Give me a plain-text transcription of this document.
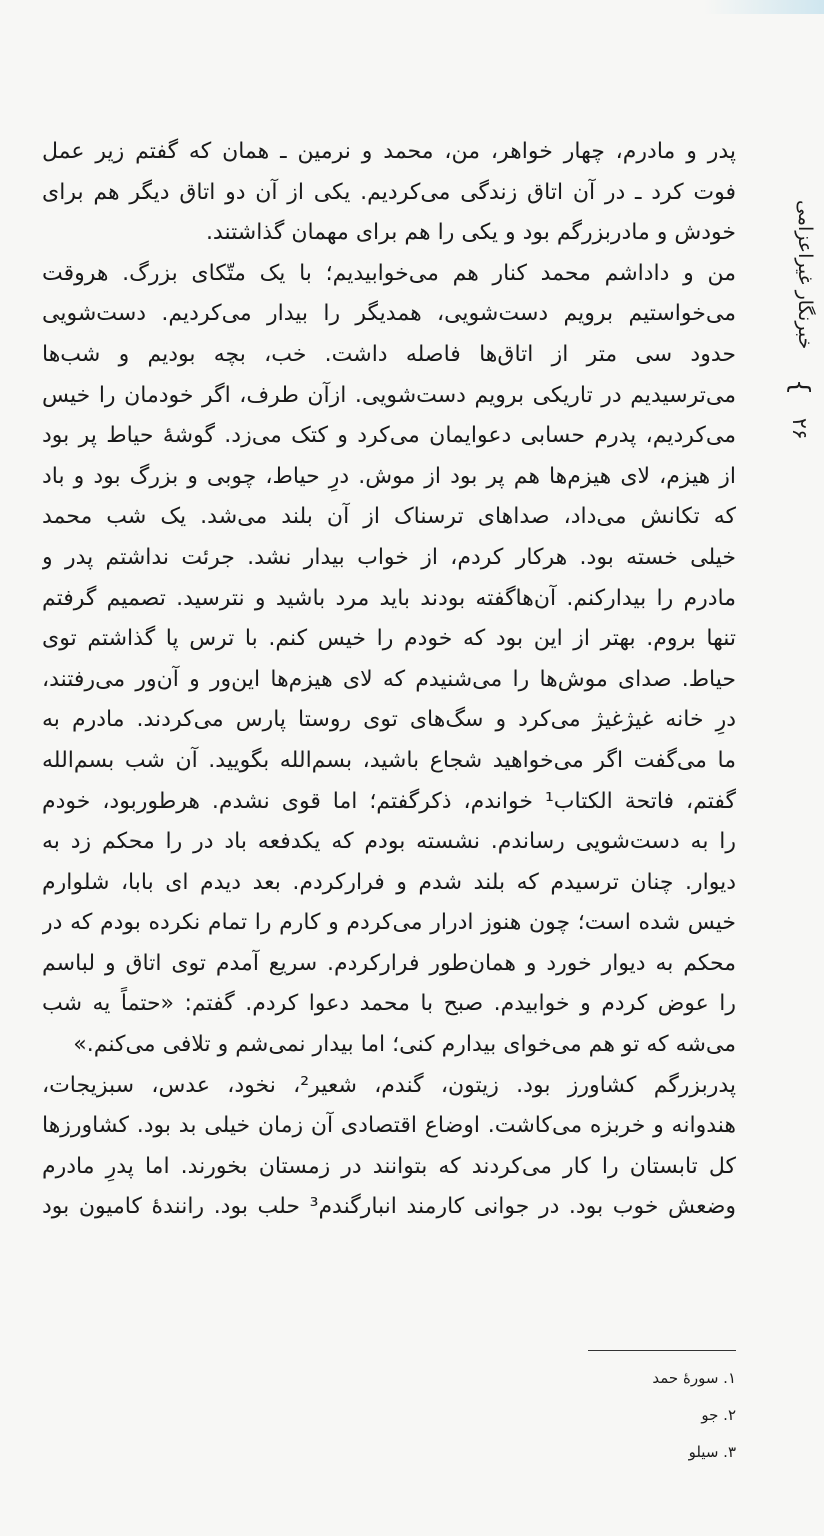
خبرنگار غیراعزامی
}
۲۶
پدر و مادرم، چهار خواهر، من، محمد و نرمین ـ همان که گفتم زیر عمل
فوت کرد ـ در آن اتاق زندگی می‌کردیم. یکی از آن دو اتاق دیگر هم برای
خودش و مادربزرگم بود و یکی را هم برای مهمان گذاشتند.
من و داداشم محمد کنار هم می‌خوابیدیم؛ با یک متّکای بزرگ. هروقت
می‌خواستیم برویم دست‌شویی، همدیگر را بیدار می‌کردیم. دست‌شویی
حدود سی متر از اتاق‌ها فاصله داشت. خب، بچه بودیم و شب‌ها
می‌ترسیدیم در تاریکی برویم دست‌شویی. ازآن طرف، اگر خودمان را خیس
می‌کردیم، پدرم حسابی دعوایمان می‌کرد و کتک می‌زد. گوشهٔ حیاط پر بود
از هیزم، لای هیزم‌ها هم پر بود از موش. درِ حیاط، چوبی و بزرگ بود و باد
که تکانش می‌داد، صداهای ترسناک از آن بلند می‌شد. یک شب محمد
خیلی خسته بود. هرکار کردم، از خواب بیدار نشد. جرئت نداشتم پدر و
مادرم را بیدارکنم. آن‌هاگفته بودند باید مرد باشید و نترسید. تصمیم گرفتم
تنها بروم. بهتر از این بود که خودم را خیس کنم. با ترس پا گذاشتم توی
حیاط. صدای موش‌ها را می‌شنیدم که لای هیزم‌ها این‌ور و آن‌ور می‌رفتند،
درِ خانه غیژغیژ می‌کرد و سگ‌های توی روستا پارس می‌کردند. مادرم به
ما می‌گفت اگر می‌خواهید شجاع باشید، بسم‌الله بگویید. آن شب بسم‌الله
گفتم، فاتحة الکتاب¹ خواندم، ذکرگفتم؛ اما قوی نشدم. هرطوربود، خودم
را به دست‌شویی رساندم. نشسته بودم که یکدفعه باد در را محکم زد به
دیوار. چنان ترسیدم که بلند شدم و فرارکردم. بعد دیدم ای بابا، شلوارم
خیس شده است؛ چون هنوز ادرار می‌کردم و کارم را تمام نکرده بودم که در
محکم به دیوار خورد و همان‌طور فرارکردم. سریع آمدم توی اتاق و لباسم
را عوض کردم و خوابیدم. صبح با محمد دعوا کردم. گفتم: «حتماً یه شب
می‌شه که تو هم می‌خوای بیدارم کنی؛ اما بیدار نمی‌شم و تلافی می‌کنم.»
پدربزرگم کشاورز بود. زیتون، گندم، شعیر²، نخود، عدس، سبزیجات،
هندوانه و خربزه می‌کاشت. اوضاع اقتصادی آن زمان خیلی بد بود. کشاورزها
کل تابستان را کار می‌کردند که بتوانند در زمستان بخورند. اما پدرِ مادرم
وضعش خوب بود. در جوانی کارمند انبارگندم³ حلب بود. رانندهٔ کامیون بود
۱. سورهٔ حمد
۲. جو
۳. سیلو
